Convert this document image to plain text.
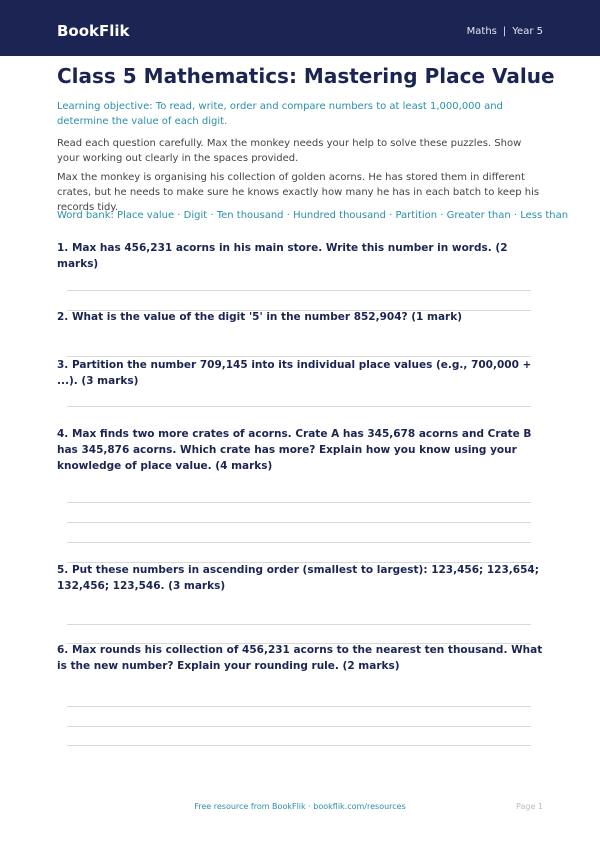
BookFlik	Maths | Year 5
Class 5 Mathematics: Mastering Place Value

Learning objective: To read, write, order and compare numbers to at least 1,000,000 and determine the value of each digit.

Read each question carefully. Max the monkey needs your help to solve these puzzles. Show your working out clearly in the spaces provided.

Max the monkey is organising his collection of golden acorns. He has stored them in different crates, but he needs to make sure he knows exactly how many he has in each batch to keep his records tidy.

Word bank: Place value · Digit · Ten thousand · Hundred thousand · Partition · Greater than · Less than

1. Max has 456,231 acorns in his main store. Write this number in words. (2 marks)

2. What is the value of the digit '5' in the number 852,904? (1 mark)

3. Partition the number 709,145 into its individual place values (e.g., 700,000 + ...). (3 marks)

4. Max finds two more crates of acorns. Crate A has 345,678 acorns and Crate B has 345,876 acorns. Which crate has more? Explain how you know using your knowledge of place value. (4 marks)

5. Put these numbers in ascending order (smallest to largest): 123,456; 123,654; 132,456; 123,546. (3 marks)

6. Max rounds his collection of 456,231 acorns to the nearest ten thousand. What is the new number? Explain your rounding rule. (2 marks)

Free resource from BookFlik · bookflik.com/resources	Page 1
